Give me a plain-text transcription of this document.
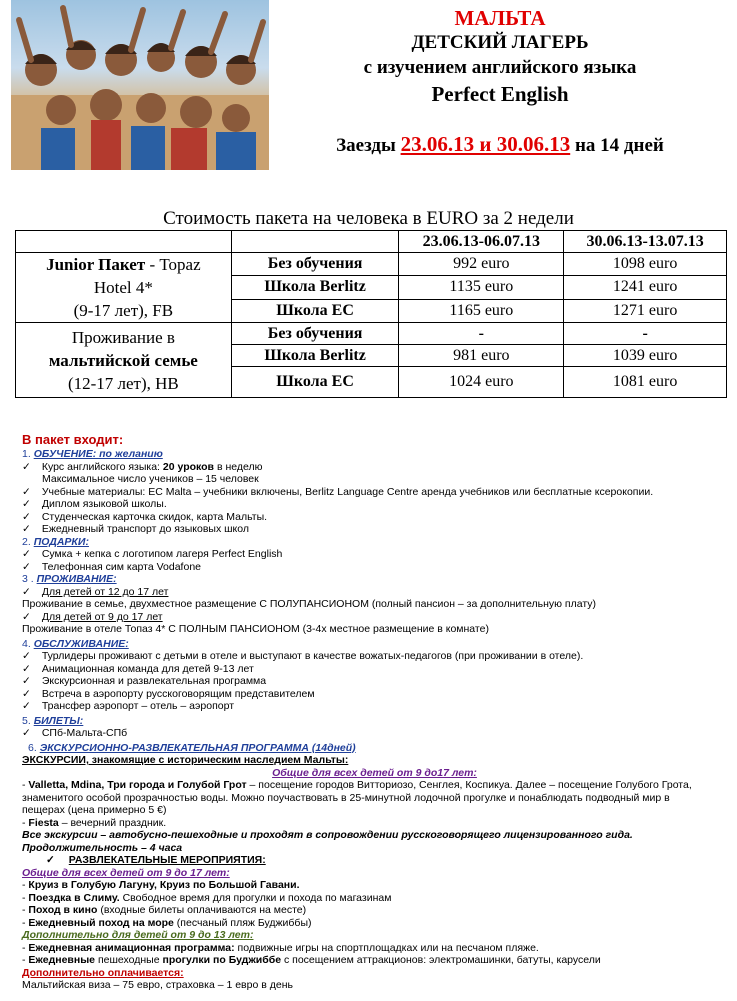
МАЛЬТА
ДЕТСКИЙ ЛАГЕРЬ
с изучением английского языка
Perfect English
Заезды 23.06.13 и 30.06.13 на 14 дней
Стоимость пакета на человека в EURO за 2 недели
		23.06.13-06.07.13	30.06.13-13.07.13

Junior Пакет - Topaz
Hotel 4*
(9-17 лет), FB	Без обучения	992 euro	1098 euro
	Школа Berlitz	1135 euro	1241 euro
	Школа EC	1165 euro	1271 euro

Проживание в
мальтийской семье
(12-17 лет), HB	Без обучения	-	-
	Школа Berlitz	981 euro	1039 euro
	Школа EC	1024 euro	1081 euro
В пакет входит:
1. ОБУЧЕНИЕ: по желанию
✓ Курс английского языка: 20 уроков в неделю
Максимальное число учеников – 15 человек
✓ Учебные материалы: EC Malta – учебники включены, Berlitz Language Centre аренда учебников или бесплатные ксерокопии.
✓ Диплом языковой школы.
✓ Студенческая карточка скидок, карта Мальты.
✓ Ежедневный транспорт до языковых школ
2. ПОДАРКИ:
✓ Сумка + кепка с логотипом лагеря Perfect English
✓ Телефонная сим карта Vodafone
3 . ПРОЖИВАНИЕ:
✓ Для детей от 12 до 17 лет
Проживание в семье, двухместное размещение С ПОЛУПАНСИОНОМ (полный пансион – за дополнительную плату)
✓ Для детей от 9 до 17 лет
Проживание в отеле Топаз 4* С ПОЛНЫМ ПАНСИОНОМ (3-4х местное размещение в комнате)
4. ОБСЛУЖИВАНИЕ:
✓ Турлидеры проживают с детьми в отеле и выступают в качестве вожатых-педагогов (при проживании в отеле).
✓ Анимационная команда для детей 9-13 лет
✓ Экскурсионная и развлекательная программа
✓ Встреча в аэропорту русскоговорящим представителем
✓ Трансфер аэропорт – отель – аэропорт
5. БИЛЕТЫ:
✓ СПб-Мальта-СПб
6. ЭКСКУРСИОННО-РАЗВЛЕКАТЕЛЬНАЯ ПРОГРАММА (14дней)
ЭКСКУРСИИ, знакомящие с историческим наследием Мальты:
Общие для всех детей от 9 до17 лет:
- Valletta, Mdina, Три города и Голубой Грот – посещение городов Витториозо, Сенглея, Коспикуа. Далее – посещение Голубого Грота,
знаменитого особой прозрачностью воды. Можно поучаствовать в 25-минутной лодочной прогулке и понаблюдать подводный мир в
пещерах (цена примерно 5 €)
- Fiesta – вечерний праздник.
Все экскурсии – автобусно-пешеходные и проходят в сопровождении русскоговорящего лицензированного гида.
Продолжительность – 4 часа
✓ РАЗВЛЕКАТЕЛЬНЫЕ МЕРОПРИЯТИЯ:
Общие для всех детей от 9 до 17 лет:
- Круиз в Голубую Лагуну, Круиз по Большой Гавани.
- Поездка в Слиму. Свободное время для прогулки и похода по магазинам
- Поход в кино (входные билеты оплачиваются на месте)
- Ежедневный поход на море (песчаный пляж Буджиббы)
Дополнительно для детей от 9 до 13 лет:
- Ежедневная анимационная программа: подвижные игры на спортплощадках или на песчаном пляже.
- Ежедневные пешеходные прогулки по Буджиббе с посещением аттракционов: электромашинки, батуты, карусели
Дополнительно оплачивается:
Мальтийская виза – 75 евро, страховка – 1 евро в день
